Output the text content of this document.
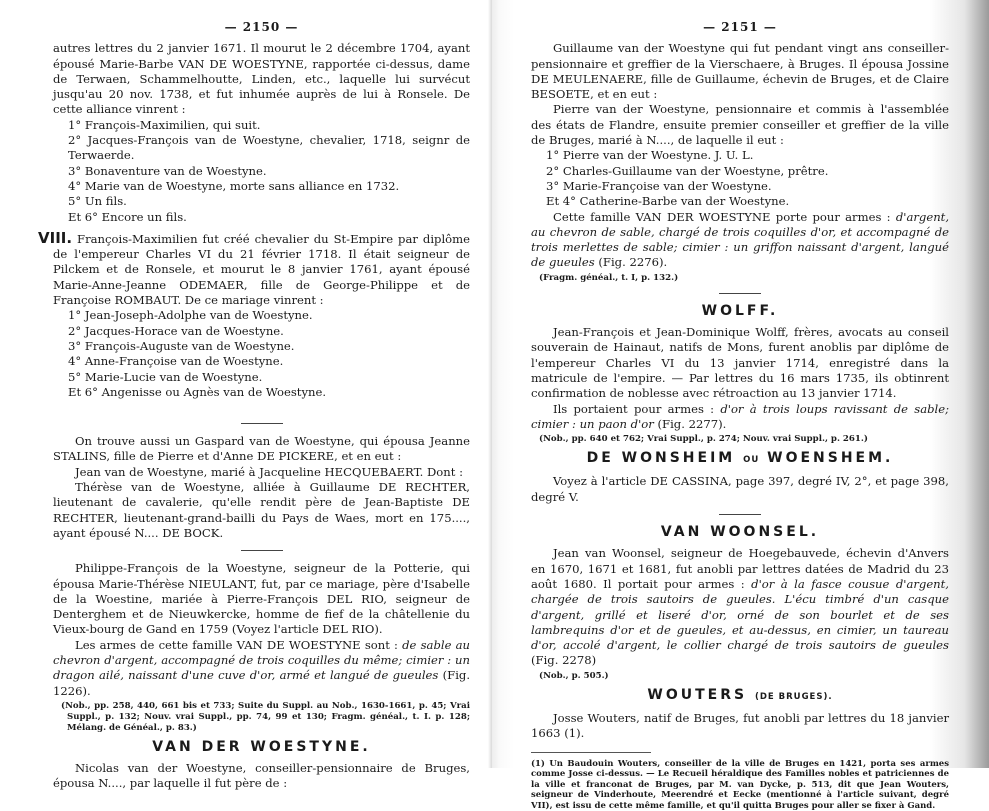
— 2150 —

autres lettres du 2 janvier 1671. Il mourut le 2 décembre 1704, ayant épousé Marie-Barbe VAN DE WOESTYNE, rapportée ci-dessus, dame de Terwaen, Schammelhoutte, Linden, etc., laquelle lui survécut jusqu'au 20 nov. 1738, et fut inhumée auprès de lui à Ronsele. De cette alliance vinrent :

1° François-Maximilien, qui suit.

2° Jacques-François van de Woestyne, chevalier, 1718, seignr de Terwaerde.

3° Bonaventure van de Woestyne.

4° Marie van de Woestyne, morte sans alliance en 1732.

5° Un fils.

Et 6° Encore un fils.

VIII. François-Maximilien fut créé chevalier du St-Empire par diplôme de l'empereur Charles VI du 21 février 1718. Il était seigneur de Pilckem et de Ronsele, et mourut le 8 janvier 1761, ayant épousé Marie-Anne-Jeanne ODEMAER, fille de George-Philippe et de Françoise ROMBAUT. De ce mariage vinrent :

1° Jean-Joseph-Adolphe van de Woestyne.

2° Jacques-Horace van de Woestyne.

3° François-Auguste van de Woestyne.

4° Anne-Françoise van de Woestyne.

5° Marie-Lucie van de Woestyne.

Et 6° Angenisse ou Agnès van de Woestyne.

On trouve aussi un Gaspard van de Woestyne, qui épousa Jeanne STALINS, fille de Pierre et d'Anne DE PICKERE, et en eut :

Jean van de Woestyne, marié à Jacqueline HECQUEBAERT. Dont :

Thérèse van de Woestyne, alliée à Guillaume DE RECHTER, lieutenant de cavalerie, qu'elle rendit père de Jean-Baptiste DE RECHTER, lieutenant-grand-bailli du Pays de Waes, mort en 175...., ayant épousé N.... DE BOCK.

Philippe-François de la Woestyne, seigneur de la Potterie, qui épousa Marie-Thérèse NIEULANT, fut, par ce mariage, père d'Isabelle de la Woestine, mariée à Pierre-François DEL RIO, seigneur de Denterghem et de Nieuwkercke, homme de fief de la châtellenie du Vieux-bourg de Gand en 1759 (Voyez l'article DEL RIO).

Les armes de cette famille VAN DE WOESTYNE sont : de sable au chevron d'argent, accompagné de trois coquilles du même; cimier : un dragon ailé, naissant d'une cuve d'or, armé et langué de gueules (Fig. 1226).

(Nob., pp. 258, 440, 661 bis et 733; Suite du Suppl. au Nob., 1630-1661, p. 45; Vrai Suppl., p. 132; Nouv. vrai Suppl., pp. 74, 99 et 130; Fragm. généal., t. I. p. 128; Mélang. de Généal., p. 83.)

VAN DER WOESTYNE.

Nicolas van der Woestyne, conseiller-pensionnaire de Bruges, épousa N...., par laquelle il fut père de :

— 2151 —

Guillaume van der Woestyne qui fut pendant vingt ans conseiller-pensionnaire et greffier de la Vierschaere, à Bruges. Il épousa Jossine DE MEULENAERE, fille de Guillaume, échevin de Bruges, et de Claire BESOETE, et en eut :

Pierre van der Woestyne, pensionnaire et commis à l'assemblée des états de Flandre, ensuite premier conseiller et greffier de la ville de Bruges, marié à N...., de laquelle il eut :

1° Pierre van der Woestyne. J. U. L.

2° Charles-Guillaume van der Woestyne, prêtre.

3° Marie-Françoise van der Woestyne.

Et 4° Catherine-Barbe van der Woestyne.

Cette famille VAN DER WOESTYNE porte pour armes : d'argent, au chevron de sable, chargé de trois coquilles d'or, et accompagné de trois merlettes de sable; cimier : un griffon naissant d'argent, langué de gueules (Fig. 2276).

(Fragm. généal., t. I, p. 132.)

WOLFF.

Jean-François et Jean-Dominique Wolff, frères, avocats au conseil souverain de Hainaut, natifs de Mons, furent anoblis par diplôme de l'empereur Charles VI du 13 janvier 1714, enregistré dans la matricule de l'empire. — Par lettres du 16 mars 1735, ils obtinrent confirmation de noblesse avec rétroaction au 13 janvier 1714.

Ils portaient pour armes : d'or à trois loups ravissant de sable; cimier : un paon d'or (Fig. 2277).

(Nob., pp. 640 et 762; Vrai Suppl., p. 274; Nouv. vrai Suppl., p. 261.)

DE WONSHEIM OU WOENSHEM.

Voyez à l'article DE CASSINA, page 397, degré IV, 2°, et page 398, degré V.

VAN WOONSEL.

Jean van Woonsel, seigneur de Hoegebauvede, échevin d'Anvers en 1670, 1671 et 1681, fut anobli par lettres datées de Madrid du 23 août 1680. Il portait pour armes : d'or à la fasce cousue d'argent, chargée de trois sautoirs de gueules. L'écu timbré d'un casque d'argent, grillé et liseré d'or, orné de son bourlet et de ses lambrequins d'or et de gueules, et au-dessus, en cimier, un taureau d'or, accolé d'argent, le collier chargé de trois sautoirs de gueules (Fig. 2278)

(Nob., p. 505.)

WOUTERS (DE BRUGES).

Josse Wouters, natif de Bruges, fut anobli par lettres du 18 janvier 1663 (1).

(1) Un Baudouin Wouters, conseiller de la ville de Bruges en 1421, porta ses armes comme Josse ci-dessus. — Le Recueil héraldique des Familles nobles et patriciennes de la ville et franconat de Bruges, par M. van Dycke, p. 513, dit que Jean Wouters, seigneur de Vinderhoute, Meerendré et Eecke (mentionné à l'article suivant, degré VII), est issu de cette même famille, et qu'il quitta Bruges pour aller se fixer à Gand.
